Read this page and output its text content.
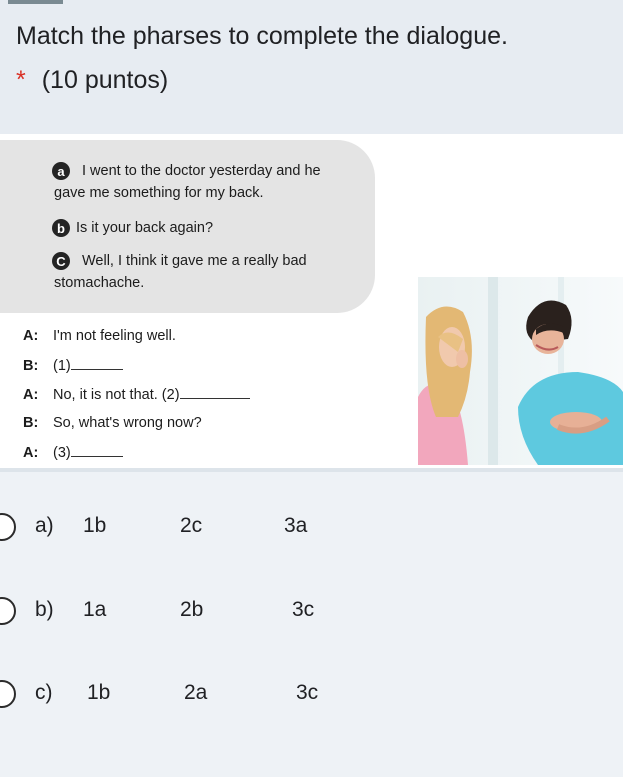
Match the pharses to complete the dialogue.
* (10 puntos)
a	I went to the doctor yesterday and he
gave me something for my back.
b Is it your back again?
C Well, I think it gave me a really bad
stomachache.
A: I'm not feeling well.
B: (1)
A: No, it is not that. (2)
B: So, what's wrong now?
A: (3)
a) 1b	2c	3a
b) 1a	2b	3c
c) 1b	2a	3c
